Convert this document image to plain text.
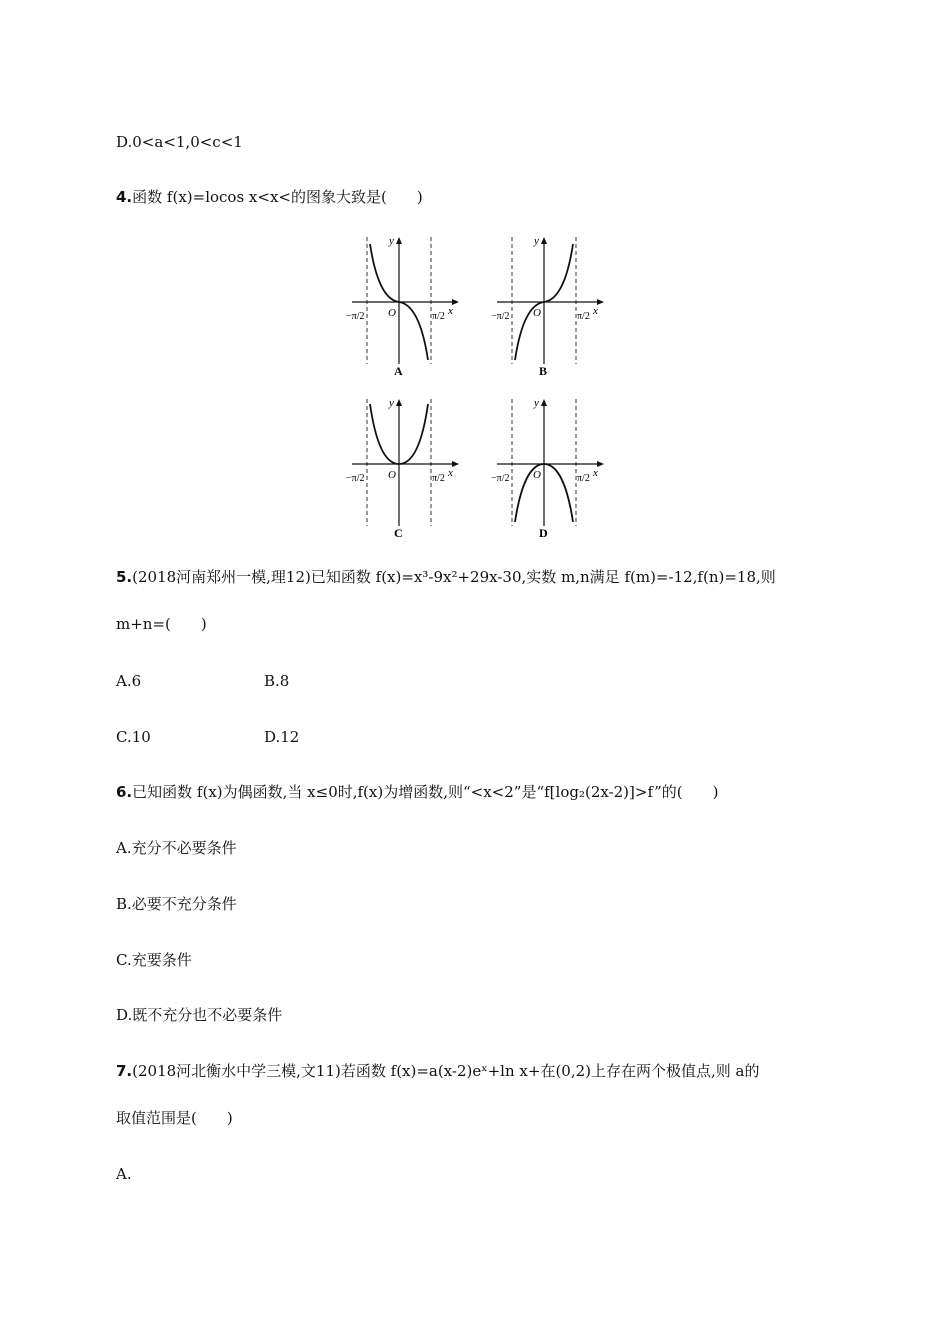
D.0<a<1,0<c<1
4.函数 f(x)=locos x<x<的图象大致是(　　)
y
x
O
−π/2	π/2
A
y
x
O
−π/2	π/2
B
y
x
O
−π/2	π/2
C
y
x
O
−π/2	π/2
D
5.(2018河南郑州一模,理12)已知函数 f(x)=x³-9x²+29x-30,实数 m,n满足 f(m)=-12,f(n)=18,则
m+n=(　　)
A.6	B.8
C.10	D.12
6.已知函数 f(x)为偶函数,当 x≤0时,f(x)为增函数,则“<x<2”是“f[log₂(2x-2)]>f”的(　　)
A.充分不必要条件
B.必要不充分条件
C.充要条件
D.既不充分也不必要条件
7.(2018河北衡水中学三模,文11)若函数 f(x)=a(x-2)eˣ+ln x+在(0,2)上存在两个极值点,则 a的
取值范围是(　　)
A.
